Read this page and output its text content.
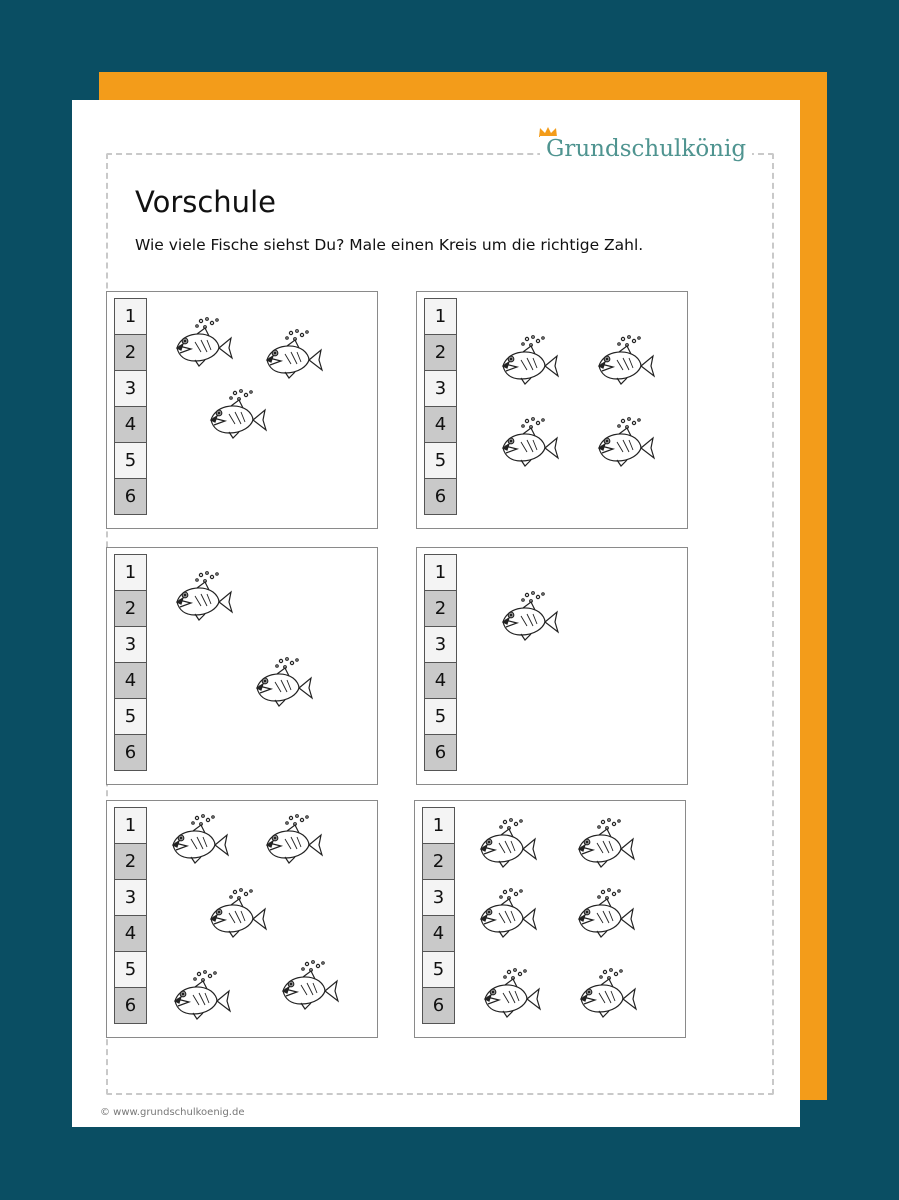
Grundschulkönig
Vorschule
Wie viele Fische siehst Du? Male einen Kreis um die richtige Zahl.
1
2
3
4
5
6
1
2
3
4
5
6
1
2
3
4
5
6
1
2
3
4
5
6
1
2
3
4
5
6
1
2
3
4
5
6
© www.grundschulkoenig.de
